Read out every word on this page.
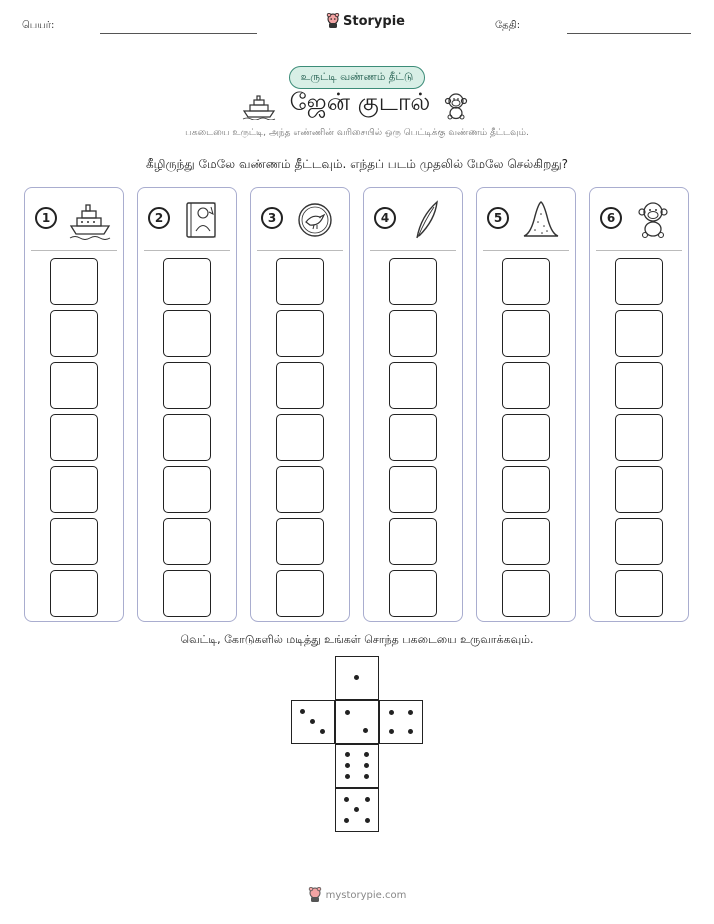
பெயர்:	Storypie	தேதி:
உருட்டி வண்ணம் தீட்டு
ஜேன் குடால்
பகடையை உருட்டி, அந்த எண்ணின் வரிசையில் ஒரு பெட்டிக்கு வண்ணம் தீட்டவும்.
கீழிருந்து மேலே வண்ணம் தீட்டவும். எந்தப் படம் முதலில் மேலே செல்கிறது?
1	2	3	4	5	6
வெட்டி, கோடுகளில் மடித்து உங்கள் சொந்த பகடையை உருவாக்கவும்.
mystorypie.com
